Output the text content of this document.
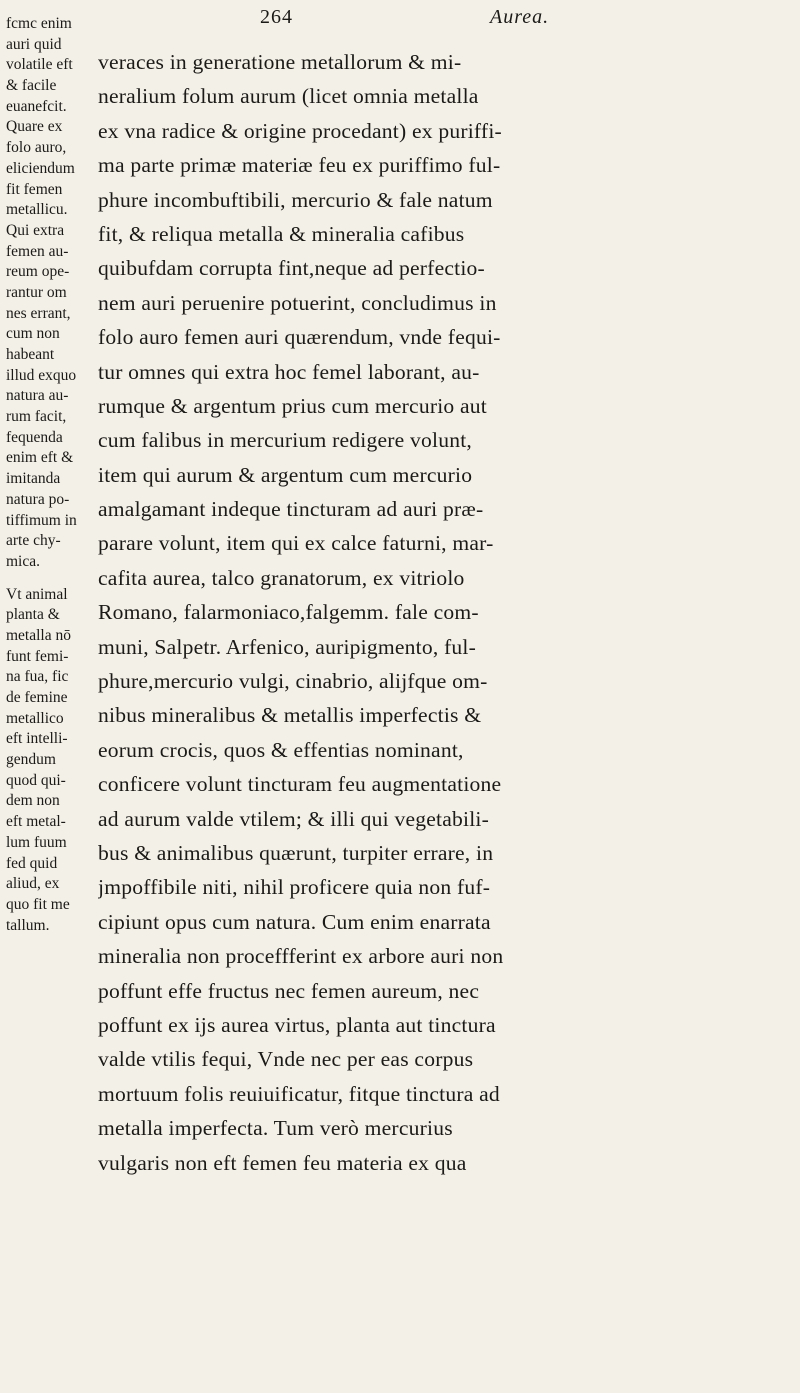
264	Aurea.
fcmc enim
auri quid
volatile eft
& facile
euanefcit.
Quare ex
folo auro,
eliciendum
fit femen
metallicu.
Qui extra
femen au-
reum ope-
rantur om
nes errant,
cum non
habeant
illud exquo
natura au-
rum facit,
fequenda
enim eft &
imitanda
natura po-
tiffimum in
arte chy-
mica.
Vt animal
planta &
metalla nō
funt femi-
na fua, fic
de femine
metallico
eft intelli-
gendum
quod qui-
dem non
eft metal-
lum fuum
fed quid
aliud, ex
quo fit me
tallum.
veraces in generatione metallorum & mi-
neralium folum aurum (licet omnia metalla
ex vna radice & origine procedant) ex puriffi-
ma parte primæ materiæ feu ex puriffimo ful-
phure incombuftibili, mercurio & fale natum
fit, & reliqua metalla & mineralia cafibus
quibufdam corrupta fint,neque ad perfectio-
nem auri peruenire potuerint, concludimus in
folo auro femen auri quærendum, vnde fequi-
tur omnes qui extra hoc femel laborant, au-
rumque & argentum prius cum mercurio aut
cum falibus in mercurium redigere volunt,
item qui aurum & argentum cum mercurio
amalgamant indeque tincturam ad auri præ-
parare volunt, item qui ex calce faturni, mar-
cafita aurea, talco granatorum, ex vitriolo
Romano, falarmoniaco,falgemm. fale com-
muni, Salpetr. Arfenico, auripigmento, ful-
phure,mercurio vulgi, cinabrio, alijfque om-
nibus mineralibus & metallis imperfectis &
eorum crocis, quos & effentias nominant,
conficere volunt tincturam feu augmentatione
ad aurum valde vtilem; & illi qui vegetabili-
bus & animalibus quærunt, turpiter errare, in
jmpoffibile niti, nihil proficere quia non fuf-
cipiunt opus cum natura. Cum enim enarrata
mineralia non proceffferint ex arbore auri non
poffunt effe fructus nec femen aureum, nec
poffunt ex ijs aurea virtus, planta aut tinctura
valde vtilis fequi, Vnde nec per eas corpus
mortuum folis reuiuificatur, fitque tinctura ad
metalla imperfecta. Tum verò mercurius
vulgaris non eft femen feu materia ex qua
